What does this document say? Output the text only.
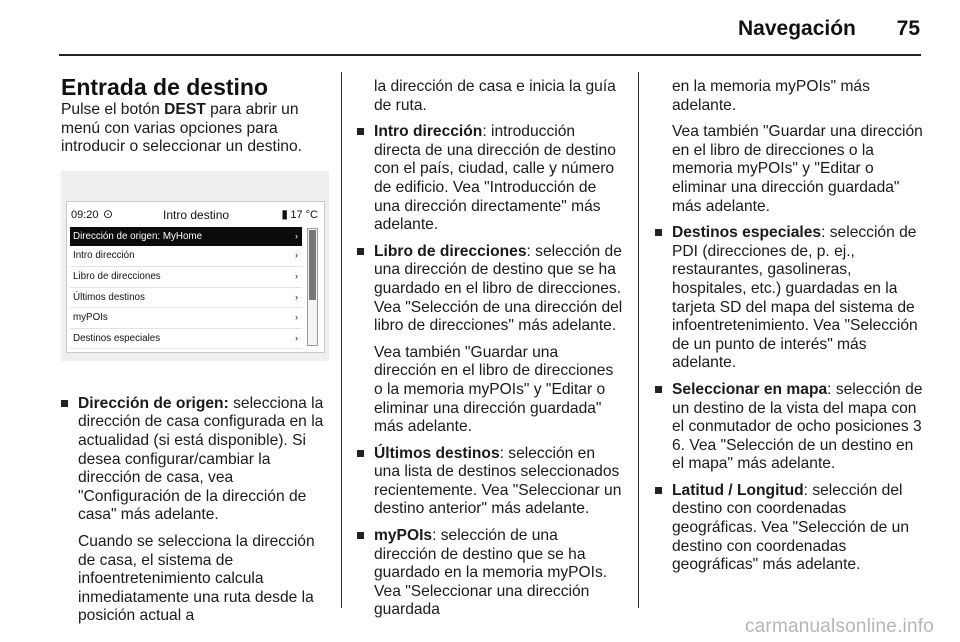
Navegación 75
Entrada de destino

Pulse el botón DEST para abrir un menú con varias opciones para introducir o seleccionar un destino.

09:20 ⊙	Intro destino	▮ 17 °C
Dirección de origen: MyHome	›
Intro dirección	›
Libro de direcciones	›
Últimos destinos	›
myPOIs	›
Destinos especiales	›
Dirección de origen: selecciona la dirección de casa configurada en la actualidad (si está disponible). Si desea configurar/cambiar la dirección de casa, vea "Configuración de la dirección de casa" más adelante.

Cuando se selecciona la dirección de casa, el sistema de infoentretenimiento calcula inmediatamente una ruta desde la posición actual a

la dirección de casa e inicia la guía de ruta.

Intro dirección: introducción directa de una dirección de destino con el país, ciudad, calle y número de edificio. Vea "Introducción de una dirección directamente" más adelante.
Libro de direcciones: selección de una dirección de destino que se ha guardado en el libro de direcciones. Vea "Selección de una dirección del libro de direcciones" más adelante.

Vea también "Guardar una dirección en el libro de direcciones o la memoria myPOIs" y "Editar o eliminar una dirección guardada" más adelante.

Últimos destinos: selección en una lista de destinos seleccionados recientemente. Vea "Seleccionar un destino anterior" más adelante.
myPOIs: selección de una dirección de destino que se ha guardado en la memoria myPOIs. Vea "Seleccionar una dirección guardada

en la memoria myPOIs" más adelante.

Vea también "Guardar una dirección en el libro de direcciones o la memoria myPOIs" y "Editar o eliminar una dirección guardada" más adelante.

Destinos especiales: selección de PDI (direcciones de, p. ej., restaurantes, gasolineras, hospitales, etc.) guardadas en la tarjeta SD del mapa del sistema de infoentretenimiento. Vea "Selección de un punto de interés" más adelante.
Seleccionar en mapa: selección de un destino de la vista del mapa con el conmutador de ocho posiciones 3 6. Vea "Selección de un destino en el mapa" más adelante.
Latitud / Longitud: selección del destino con coordenadas geográficas. Vea "Selección de un destino con coordenadas geográficas" más adelante.
carmanualsonline.info
